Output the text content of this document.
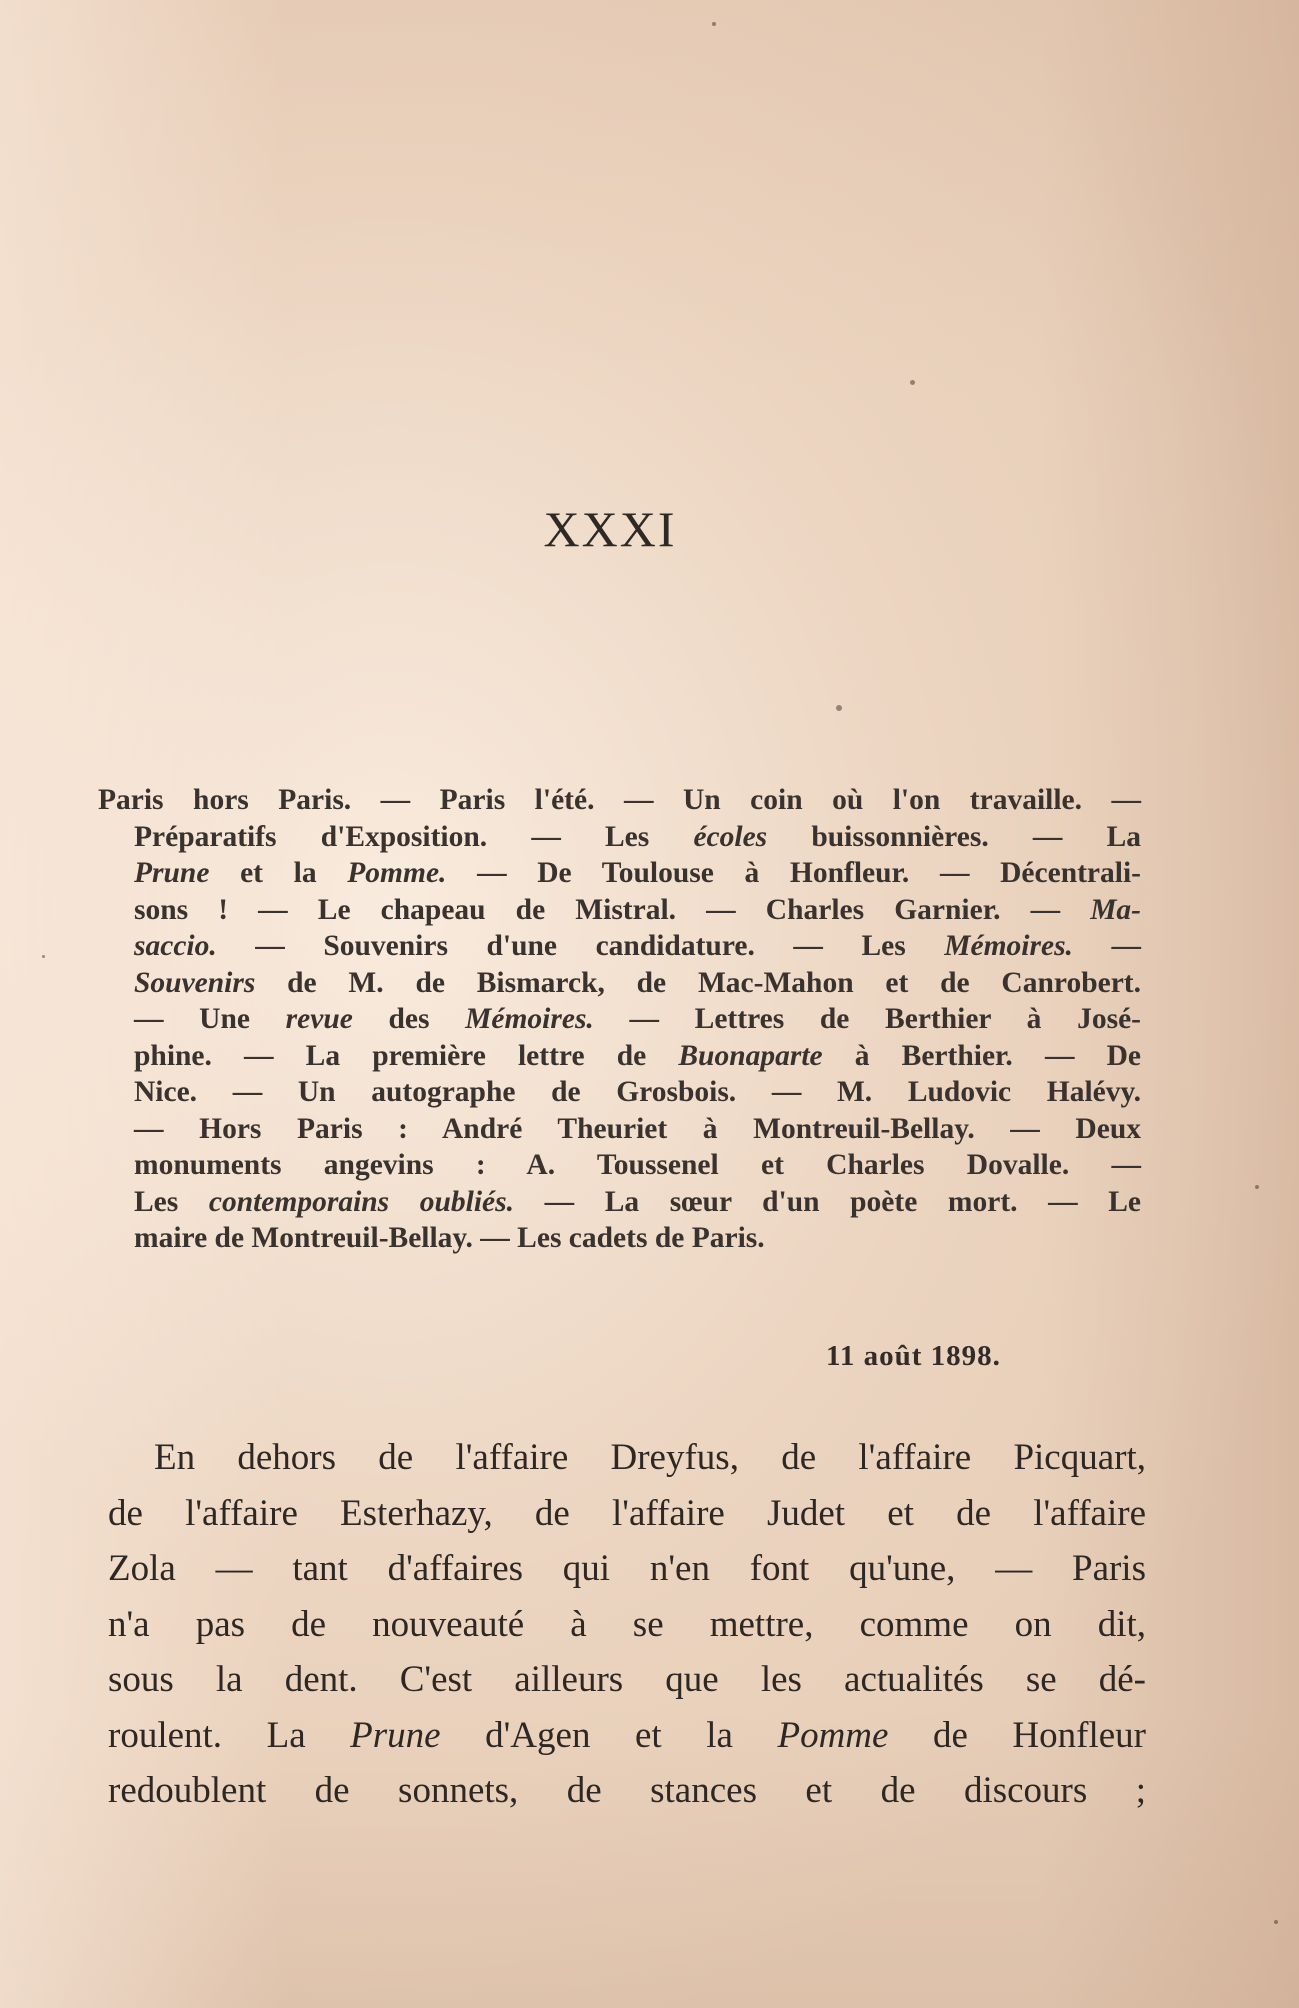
XXXI
Paris hors Paris. — Paris l'été. — Un coin où l'on travaille. —
Préparatifs d'Exposition. — Les écoles buissonnières. — La
Prune et la Pomme. — De Toulouse à Honfleur. — Décentrali-
sons ! — Le chapeau de Mistral. — Charles Garnier. — Ma-
saccio. — Souvenirs d'une candidature. — Les Mémoires. —
Souvenirs de M. de Bismarck, de Mac-Mahon et de Canrobert.
— Une revue des Mémoires. — Lettres de Berthier à José-
phine. — La première lettre de Buonaparte à Berthier. — De
Nice. — Un autographe de Grosbois. — M. Ludovic Halévy.
— Hors Paris : André Theuriet à Montreuil-Bellay. — Deux
monuments angevins : A. Toussenel et Charles Dovalle. —
Les contemporains oubliés. — La sœur d'un poète mort. — Le
maire de Montreuil-Bellay. — Les cadets de Paris.
11 août 1898.
En dehors de l'affaire Dreyfus, de l'affaire Picquart,
de l'affaire Esterhazy, de l'affaire Judet et de l'affaire
Zola — tant d'affaires qui n'en font qu'une, — Paris
n'a pas de nouveauté à se mettre, comme on dit,
sous la dent. C'est ailleurs que les actualités se dé-
roulent. La Prune d'Agen et la Pomme de Honfleur
redoublent de sonnets, de stances et de discours ;
